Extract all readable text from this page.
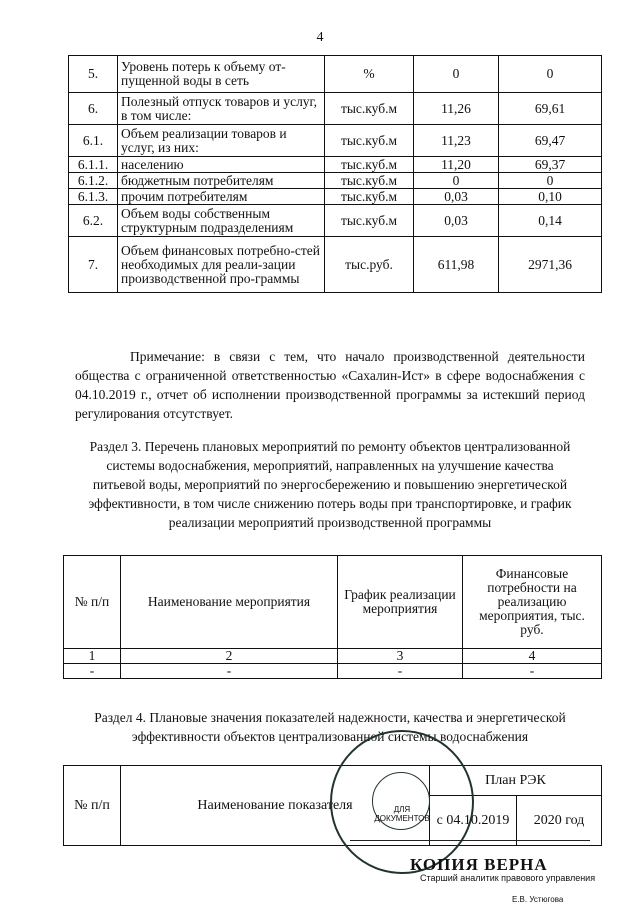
4
5.	Уровень потерь к объему от-пущенной воды в сеть	%	0	0
6.	Полезный отпуск товаров и услуг, в том числе:	тыс.куб.м	11,26	69,61
6.1.	Объем реализации товаров и услуг, из них:	тыс.куб.м	11,23	69,47
6.1.1.	населению	тыс.куб.м	11,20	69,37
6.1.2.	бюджетным потребителям	тыс.куб.м	0	0
6.1.3.	прочим потребителям	тыс.куб.м	0,03	0,10
6.2.	Объем воды собственным структурным подразделениям	тыс.куб.м	0,03	0,14
7.	Объем финансовых потребно-стей необходимых для реали-зации производственной про-граммы	тыс.руб.	611,98	2971,36
Примечание: в связи с тем, что начало производственной деятельности общества с ограниченной ответственностью «Сахалин-Ист» в сфере водоснабжения с 04.10.2019 г., отчет об исполнении производственной программы за истекший период регулирования отсутствует.
Раздел 3. Перечень плановых мероприятий по ремонту объектов централизованной системы водоснабжения, мероприятий, направленных на улучшение качества питьевой воды, мероприятий по энергосбережению и повышению энергетической эффективности, в том числе снижению потерь воды при транспортировке, и график реализации мероприятий производственной программы
№ п/п	Наименование мероприятия	График реализации мероприятия	Финансовые потребности на реализацию мероприятия, тыс. руб.
1	2	3	4
-	-	-	-
Раздел 4. Плановые значения показателей надежности, качества и энергетической эффективности объектов централизованной системы водоснабжения
№ п/п	Наименование показателя	План РЭК	
		с 04.10.2019	2020 год
ДЛЯ ДОКУМЕНТОВ
КОПИЯ ВЕРНА
Старший аналитик правового управления
Е.В. Устюгова
